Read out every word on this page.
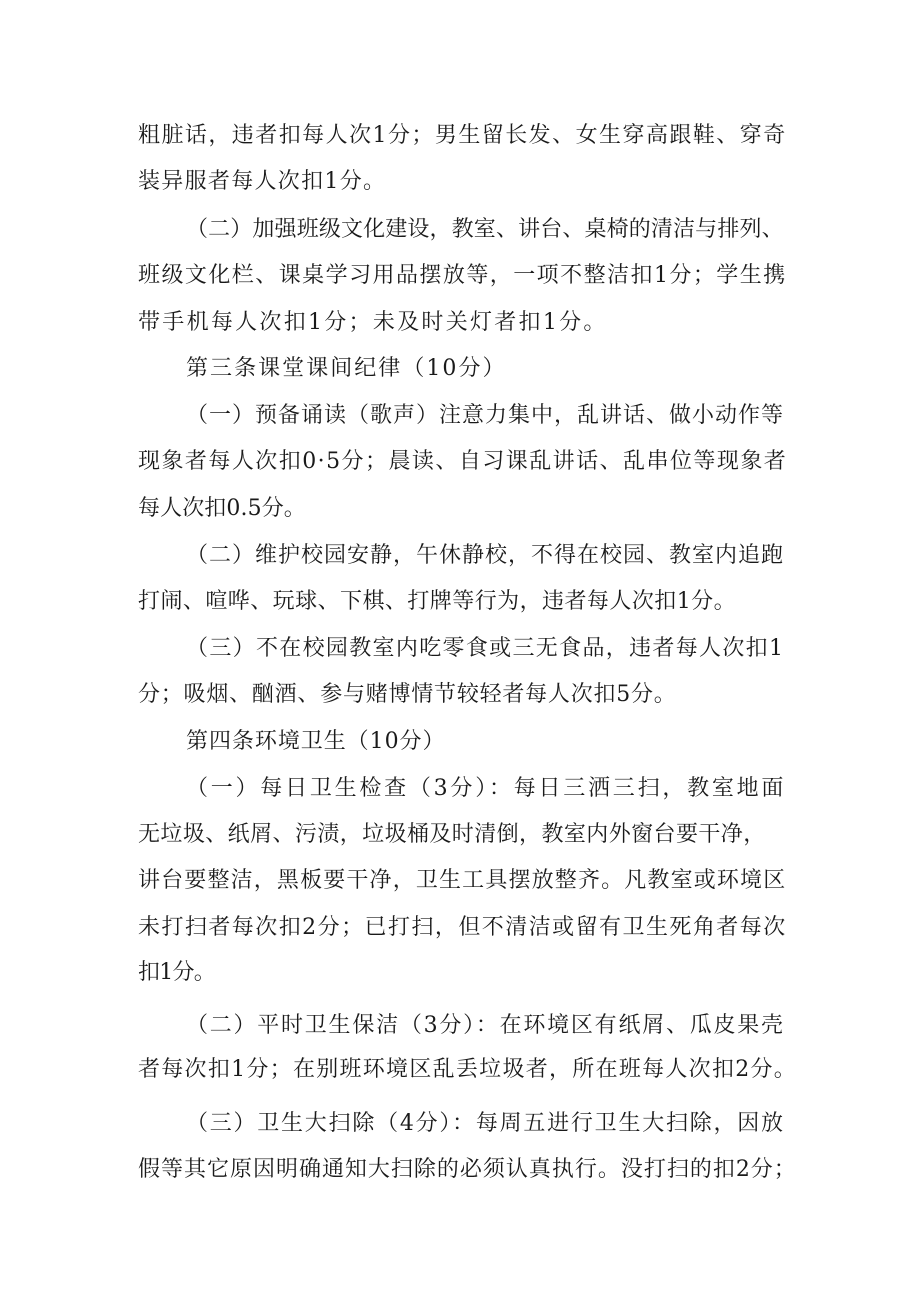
粗脏话，违者扣每人次1分；男生留长发、女生穿高跟鞋、穿奇
装异服者每人次扣1分。
（二）加强班级文化建设，教室、讲台、桌椅的清洁与排列、
班级文化栏、课桌学习用品摆放等，一项不整洁扣1分；学生携
带手机每人次扣1分；未及时关灯者扣1分。
第三条课堂课间纪律（10分）
（一）预备诵读（歌声）注意力集中，乱讲话、做小动作等
现象者每人次扣0·5分；晨读、自习课乱讲话、乱串位等现象者
每人次扣0.5分。
（二）维护校园安静，午休静校，不得在校园、教室内追跑
打闹、喧哗、玩球、下棋、打牌等行为，违者每人次扣1分。
（三）不在校园教室内吃零食或三无食品，违者每人次扣1
分；吸烟、酗酒、参与赌博情节较轻者每人次扣5分。
第四条环境卫生（10分）
（一）每日卫生检查（3分）：每日三洒三扫，教室地面
无垃圾、纸屑、污渍，垃圾桶及时清倒，教室内外窗台要干净，
讲台要整洁，黑板要干净，卫生工具摆放整齐。凡教室或环境区
未打扫者每次扣2分；已打扫，但不清洁或留有卫生死角者每次
扣1分。
（二）平时卫生保洁（3分）：在环境区有纸屑、瓜皮果壳
者每次扣1分；在别班环境区乱丢垃圾者，所在班每人次扣2分。
（三）卫生大扫除（4分）：每周五进行卫生大扫除，因放
假等其它原因明确通知大扫除的必须认真执行。没打扫的扣2分；
